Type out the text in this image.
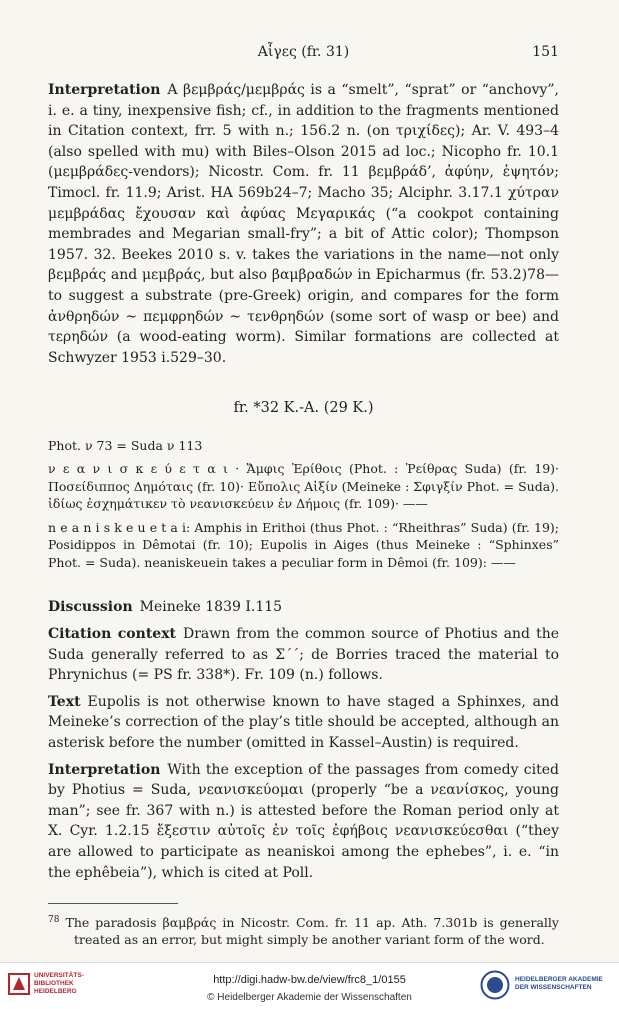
Αἶγες (fr. 31)	151

Interpretation A βεμβράς/μεμβράς is a “smelt”, “sprat” or “anchovy”, i. e. a tiny, inexpensive fish; cf., in addition to the fragments mentioned in Citation context, frr. 5 with n.; 156.2 n. (on τριχίδες); Ar. V. 493–4 (also spelled with mu) with Biles–Olson 2015 ad loc.; Nicopho fr. 10.1 (μεμβράδες-vendors); Nicostr. Com. fr. 11 βεμβράδ’, ἀφύην, ἑψητόν; Timocl. fr. 11.9; Arist. HA 569b24–7; Macho 35; Alciphr. 3.17.1 χύτραν μεμβράδας ἔχουσαν καὶ ἀφύας Μεγαρικάς (“a cookpot containing membrades and Megarian small-fry”; a bit of Attic color); Thompson 1957. 32. Beekes 2010 s. v. takes the variations in the name—not only βεμβράς and μεμβράς, but also βαμβραδών in Epicharmus (fr. 53.2)78—to suggest a substrate (pre-Greek) origin, and compares for the form ἀνθρηδών ~ πεμφρηδών ~ τενθρηδών (some sort of wasp or bee) and τερηδών (a wood-eating worm). Similar formations are collected at Schwyzer 1953 i.529–30.

fr. *32 K.-A. (29 K.)
Phot. ν 73 = Suda ν 113

ν ε α ν ι σ κ ε ύ ε τ α ι · Ἄμφις Ἐρίθοις (Phot. : Ῥείθρας Suda) (fr. 19)· Ποσείδιππος Δημόταις (fr. 10)· Εὔπολις Αἰξίν (Meineke : Σφιγξίν Phot. = Suda). ἰδίως ἐσχημάτικεν τὸ νεανισκεύειν ἐν Δήμοις (fr. 109)· ——

n e a n i s k e u e t a i: Amphis in Erithoi (thus Phot. : “Rheithras” Suda) (fr. 19); Posidippos in Dêmotai (fr. 10); Eupolis in Aiges (thus Meineke : “Sphinxes” Phot. = Suda). neaniskeuein takes a peculiar form in Dêmoi (fr. 109): ——

Discussion Meineke 1839 I.115

Citation context Drawn from the common source of Photius and the Suda generally referred to as Σ´´; de Borries traced the material to Phrynichus (= PS fr. 338*). Fr. 109 (n.) follows.

Text Eupolis is not otherwise known to have staged a Sphinxes, and Meineke’s correction of the play’s title should be accepted, although an asterisk before the number (omitted in Kassel–Austin) is required.

Interpretation With the exception of the passages from comedy cited by Photius = Suda, νεανισκεύομαι (properly “be a νεανίσκος, young man”; see fr. 367 with n.) is attested before the Roman period only at X. Cyr. 1.2.15 ἔξεστιν αὐτοῖς ἐν τοῖς ἐφήβοις νεανισκεύεσθαι (“they are allowed to participate as neaniskoi among the ephebes”, i. e. “in the ephêbeia”), which is cited at Poll.

$^{78}$ The paradosis βαμβράς in Nicostr. Com. fr. 11 ap. Ath. 7.301b is generally treated as an error, but might simply be another variant form of the word.

UNIVERSITÄTS-
BIBLIOTHEK
HEIDELBERG
http://digi.hadw-bw.de/view/frc8_1/0155
© Heidelberger Akademie der Wissenschaften
HEIDELBERGER AKADEMIE
DER WISSENSCHAFTEN
